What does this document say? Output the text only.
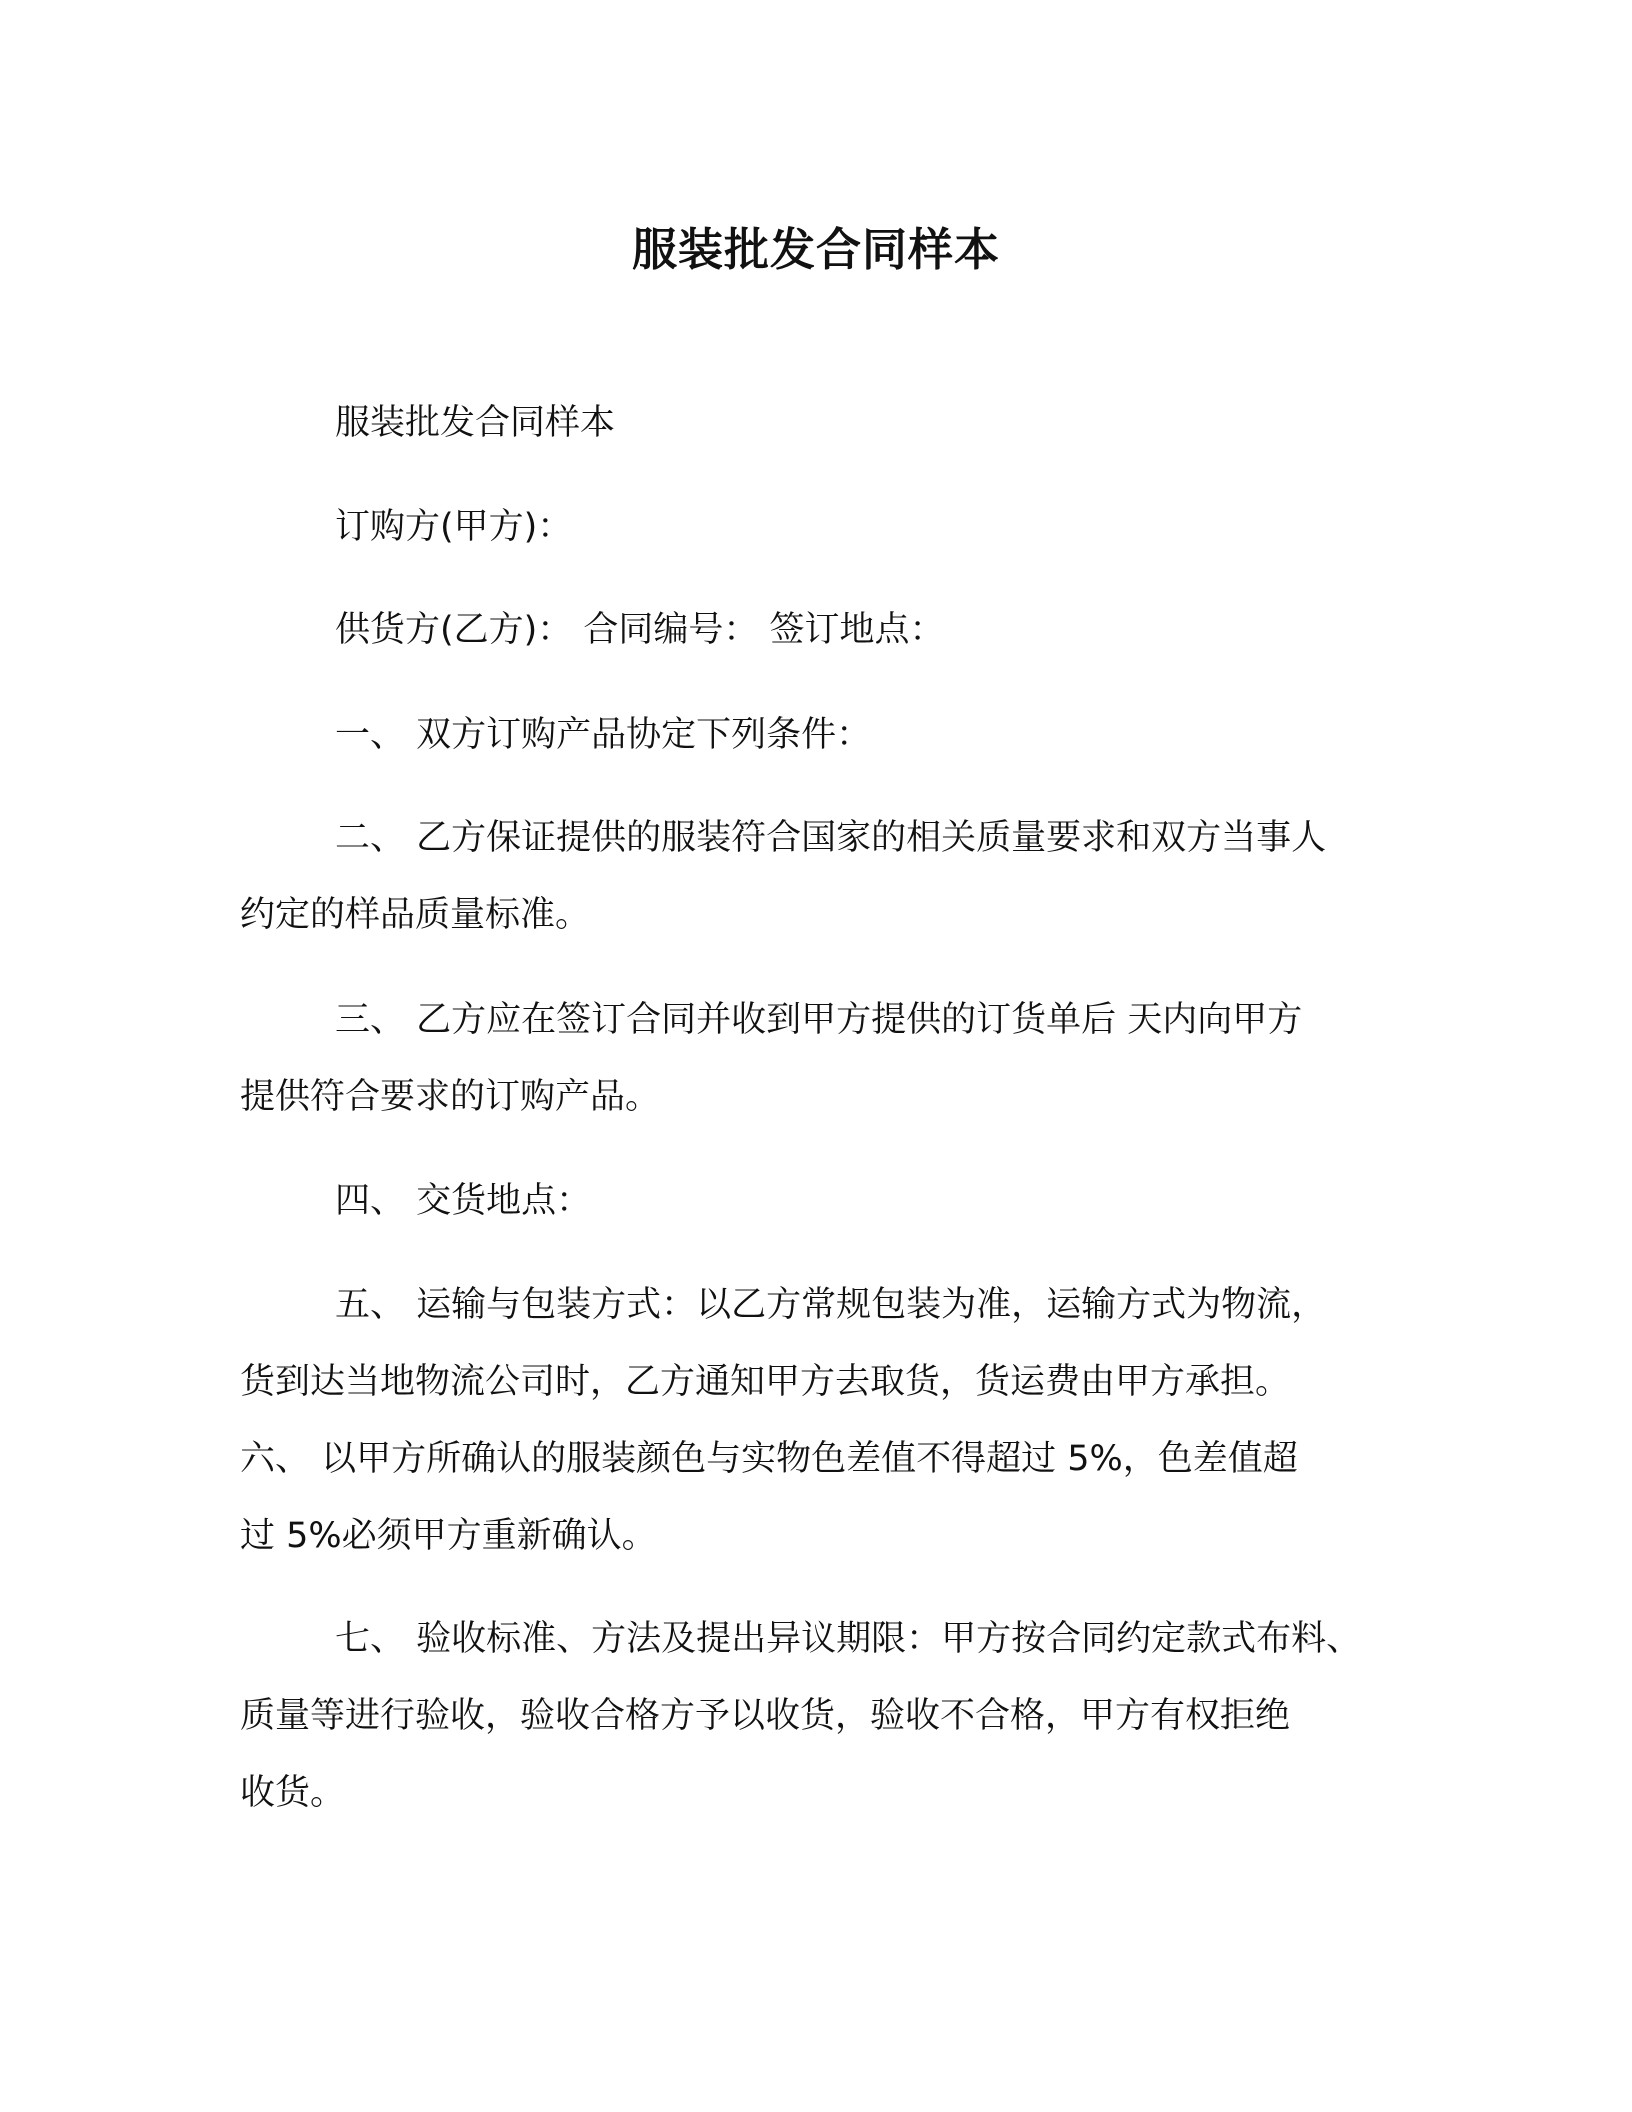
服装批发合同样本
服装批发合同样本
订购方(甲方)：
供货方(乙方)： 合同编号： 签订地点：
一、 双方订购产品协定下列条件：
二、 乙方保证提供的服装符合国家的相关质量要求和双方当事人
约定的样品质量标准。
三、 乙方应在签订合同并收到甲方提供的订货单后 天内向甲方
提供符合要求的订购产品。
四、 交货地点：
五、 运输与包装方式：以乙方常规包装为准，运输方式为物流，
货到达当地物流公司时，乙方通知甲方去取货，货运费由甲方承担。
六、 以甲方所确认的服装颜色与实物色差值不得超过 5%，色差值超
过 5%必须甲方重新确认。
七、 验收标准、方法及提出异议期限：甲方按合同约定款式布料、
质量等进行验收，验收合格方予以收货，验收不合格，甲方有权拒绝
收货。
